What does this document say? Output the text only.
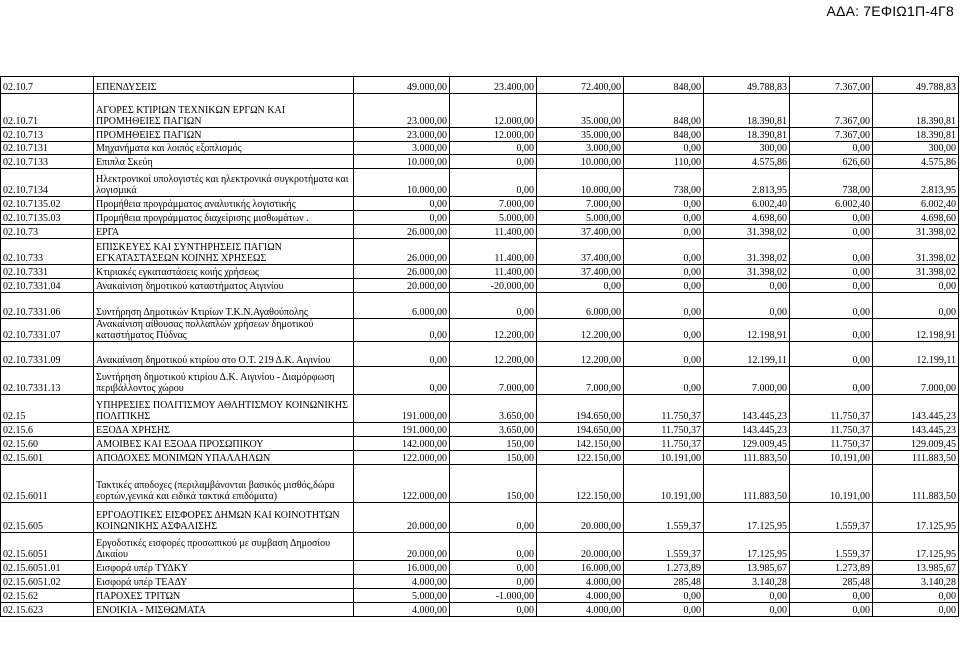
ΑΔΑ: 7ΕΦΙΩ1Π-4Γ8
02.10.7	ΕΠΕΝΔΥΣΕΙΣ	49.000,00	23.400,00	72.400,00	848,00	49.788,83	7.367,00	49.788,83
02.10.71	ΑΓΟΡΕΣ ΚΤΙΡΙΩΝ ΤΕΧΝΙΚΩΝ ΕΡΓΩΝ ΚΑΙ ΠΡΟΜΗΘΕΙΕΣ ΠΑΓΙΩΝ	23.000,00	12.000,00	35.000,00	848,00	18.390,81	7.367,00	18.390,81
02.10.713	ΠΡΟΜΗΘΕΙΕΣ ΠΑΓΙΩΝ	23.000,00	12.000,00	35.000,00	848,00	18.390,81	7.367,00	18.390,81
02.10.7131	Μηχανήματα και λοιπός εξοπλισμός	3.000,00	0,00	3.000,00	0,00	300,00	0,00	300,00
02.10.7133	Επιπλα Σκεύη	10.000,00	0,00	10.000,00	110,00	4.575,86	626,60	4.575,86
02.10.7134	Ηλεκτρονικοί υπολογιστές και ηλεκτρονικά συγκροτήματα και λογισμικά	10.000,00	0,00	10.000,00	738,00	2.813,95	738,00	2.813,95
02.10.7135.02	Προμήθεια προγράμματος αναλυτικής λογιστικής	0,00	7.000,00	7.000,00	0,00	6.002,40	6.002,40	6.002,40
02.10.7135.03	Προμήθεια προγράμματος διαχείρισης μισθωμάτων .	0,00	5.000,00	5.000,00	0,00	4.698,60	0,00	4.698,60
02.10.73	ΕΡΓΑ	26.000,00	11.400,00	37.400,00	0,00	31.398,02	0,00	31.398,02
02.10.733	ΕΠΙΣΚΕΥΕΣ ΚΑΙ ΣΥΝΤΗΡΗΣΕΙΣ ΠΑΓΙΩΝ ΕΓΚΑΤΑΣΤΑΣΕΩΝ ΚΟΙΝΗΣ ΧΡΗΣΕΩΣ	26.000,00	11.400,00	37.400,00	0,00	31.398,02	0,00	31.398,02
02.10.7331	Κτιριακές εγκαταστάσεις κοιής χρήσεως	26.000,00	11.400,00	37.400,00	0,00	31.398,02	0,00	31.398,02
02.10.7331.04	Ανακαίνιση δημοτικού καταστήματος Αιγινίου	20.000,00	-20.000,00	0,00	0,00	0,00	0,00	0,00
02.10.7331.06	Συντήρηση Δημοτικών Κτιρίων Τ.Κ.Ν.Αγαθούπολης	6.000,00	0,00	6.000,00	0,00	0,00	0,00	0,00
02.10.7331.07	Ανακαίνιση αίθουσας πολλαπλών χρήσεων δημοτικού καταστήματος Πύδνας	0,00	12.200,00	12.200,00	0,00	12.198,91	0,00	12.198,91
02.10.7331.09	Ανακαίνιση δημοτικού κτιρίου στο Ο.Τ. 219 Δ.Κ. Αιγινίου	0,00	12.200,00	12.200,00	0,00	12.199,11	0,00	12.199,11
02.10.7331.13	Συντήρηση δημοτικού κτιρίου Δ.Κ. Αιγινίου - Διαμόρφωση περιβάλλοντος χώρου	0,00	7.000,00	7.000,00	0,00	7.000,00	0,00	7.000,00
02.15	ΥΠΗΡΕΣΙΕΣ ΠΟΛΙΤΙΣΜΟΥ ΑΘΛΗΤΙΣΜΟΥ ΚΟΙΝΩΝΙΚΗΣ ΠΟΛΙΤΙΚΗΣ	191.000,00	3.650,00	194.650,00	11.750,37	143.445,23	11.750,37	143.445,23
02.15.6	ΕΞΟΔΑ ΧΡΗΣΗΣ	191.000,00	3.650,00	194.650,00	11.750,37	143.445,23	11.750,37	143.445,23
02.15.60	ΑΜΟΙΒΕΣ ΚΑΙ ΕΞΟΔΑ ΠΡΟΣΩΠΙΚΟΥ	142.000,00	150,00	142.150,00	11.750,37	129.009,45	11.750,37	129.009,45
02.15.601	ΑΠΟΔΟΧΕΣ ΜΟΝΙΜΩΝ ΥΠΑΛΛΗΛΩΝ	122.000,00	150,00	122.150,00	10.191,00	111.883,50	10.191,00	111.883,50
02.15.6011	Τακτικές αποδοχες (περιλαμβάνονται βασικός μισθός,δώρα εορτών,γενικά και ειδικά τακτικά επιδόματα)	122.000,00	150,00	122.150,00	10.191,00	111.883,50	10.191,00	111.883,50
02.15.605	ΕΡΓΟΔΟΤΙΚΕΣ ΕΙΣΦΟΡΕΣ ΔΗΜΩΝ ΚΑΙ ΚΟΙΝΟΤΗΤΩΝ ΚΟΙΝΩΝΙΚΗΣ ΑΣΦΑΛΙΣΗΣ	20.000,00	0,00	20.000,00	1.559,37	17.125,95	1.559,37	17.125,95
02.15.6051	Εργοδοτικές εισφορές προσωπικού με συμβαση Δημοσίου Δικαίου	20.000,00	0,00	20.000,00	1.559,37	17.125,95	1.559,37	17.125,95
02.15.6051.01	Εισφορά υπέρ ΤΥΔΚΥ	16.000,00	0,00	16.000,00	1.273,89	13.985,67	1.273,89	13.985,67
02.15.6051.02	Εισφορά υπέρ ΤΕΑΔΥ	4.000,00	0,00	4.000,00	285,48	3.140,28	285,48	3.140,28
02.15.62	ΠΑΡΟΧΕΣ ΤΡΙΤΩΝ	5.000,00	-1.000,00	4.000,00	0,00	0,00	0,00	0,00
02.15.623	ΕΝΟΙΚΙΑ - ΜΙΣΘΩΜΑΤΑ	4.000,00	0,00	4.000,00	0,00	0,00	0,00	0,00
